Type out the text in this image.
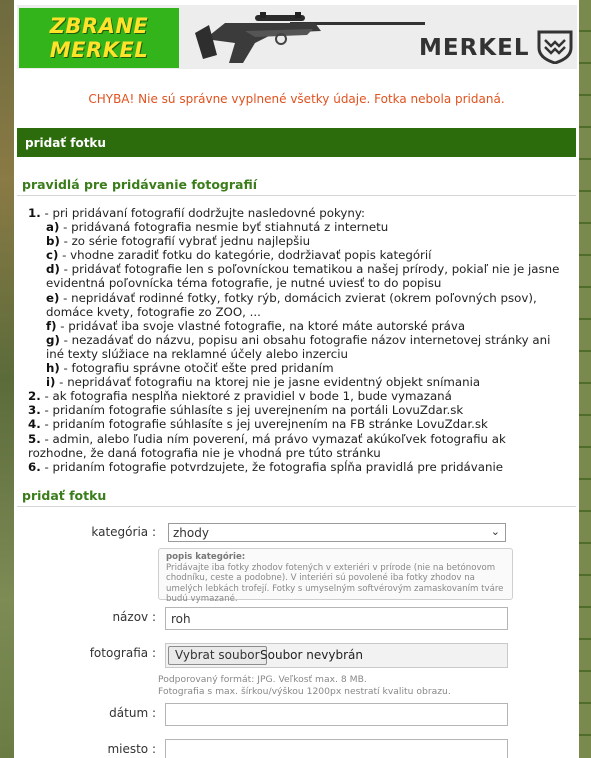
ZBRANE
MERKEL	MERKEL
CHYBA! Nie sú správne vyplnené všetky údaje. Fotka nebola pridaná.
pridať fotku
pravidlá pre pridávanie fotografií

1. - pri pridávaní fotografií dodržujte nasledovné pokyny:

a) - pridávaná fotografia nesmie byť stiahnutá z internetu

b) - zo série fotografií vybrať jednu najlepšiu

c) - vhodne zaradiť fotku do kategórie, dodržiavať popis kategórií

d) - pridávať fotografie len s poľovníckou tematikou a našej prírody, pokiaľ nie je jasne evidentná poľovnícka téma fotografie, je nutné uviesť to do popisu

e) - nepridávať rodinné fotky, fotky rýb, domácich zvierat (okrem poľovných psov), domáce kvety, fotografie zo ZOO, ...

f) - pridávať iba svoje vlastné fotografie, na ktoré máte autorské práva

g) - nezadávať do názvu, popisu ani obsahu fotografie názov internetovej stránky ani iné texty slúžiace na reklamné účely alebo inzerciu

h) - fotografiu správne otočiť ešte pred pridaním

i) - nepridávať fotografiu na ktorej nie je jasne evidentný objekt snímania

2. - ak fotografia nesplňa niektoré z pravidiel v bode 1, bude vymazaná

3. - pridaním fotografie súhlasíte s jej uverejnením na portáli LovuZdar.sk

4. - pridaním fotografie súhlasíte s jej uverejnením na FB stránke LovuZdar.sk

5. - admin, alebo ľudia ním poverení, má právo vymazať akúkoľvek fotografiu ak rozhodne, že daná fotografia nie je vhodná pre túto stránku

6. - pridaním fotografie potvrdzujete, že fotografia spĺňa pravidlá pre pridávanie

pridať fotku
kategória :	zhody	⌄
popis kategórie:
Pridávajte iba fotky zhodov fotených v exteriéri v prírode (nie na betónovom chodníku, ceste a podobne). V interiéri sú povolené iba fotky zhodov na umelých lebkách trofejí. Fotky s umyselným softvérovým zamaskovaním tváre budú vymazané.
názov :	roh
fotografia :	Vybrat soubor Soubor nevybrán
Podporovaný formát: JPG. Veľkosť max. 8 MB.
Fotografia s max. šírkou/výškou 1200px nestratí kvalitu obrazu.
dátum :
miesto :
